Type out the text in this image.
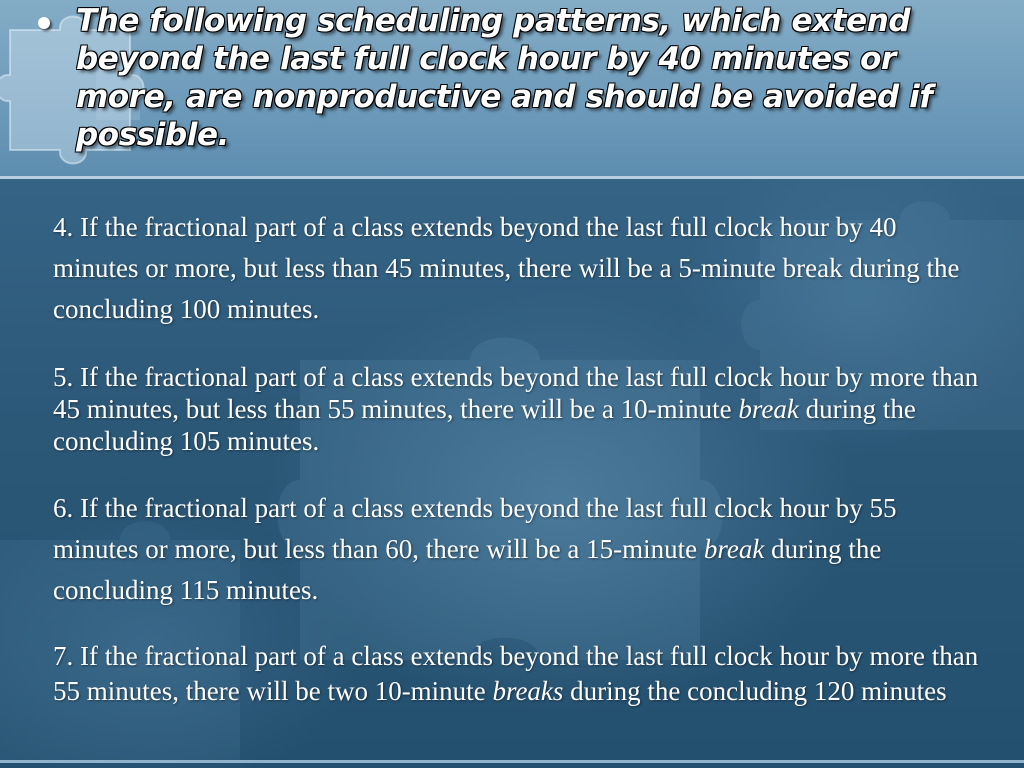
The following scheduling patterns, which extend beyond the last full clock hour by 40 minutes or more, are nonproductive and should be avoided if possible.

4. If the fractional part of a class extends beyond the last full clock hour by 40 minutes or more, but less than 45 minutes, there will be a 5-minute break during the concluding 100 minutes.

5. If the fractional part of a class extends beyond the last full clock hour by more than 45 minutes, but less than 55 minutes, there will be a 10-minute break during the concluding 105 minutes.

6. If the fractional part of a class extends beyond the last full clock hour by 55 minutes or more, but less than 60, there will be a 15-minute break during the concluding 115 minutes.

7. If the fractional part of a class extends beyond the last full clock hour by more than 55 minutes, there will be two 10-minute breaks during the concluding 120 minutes
